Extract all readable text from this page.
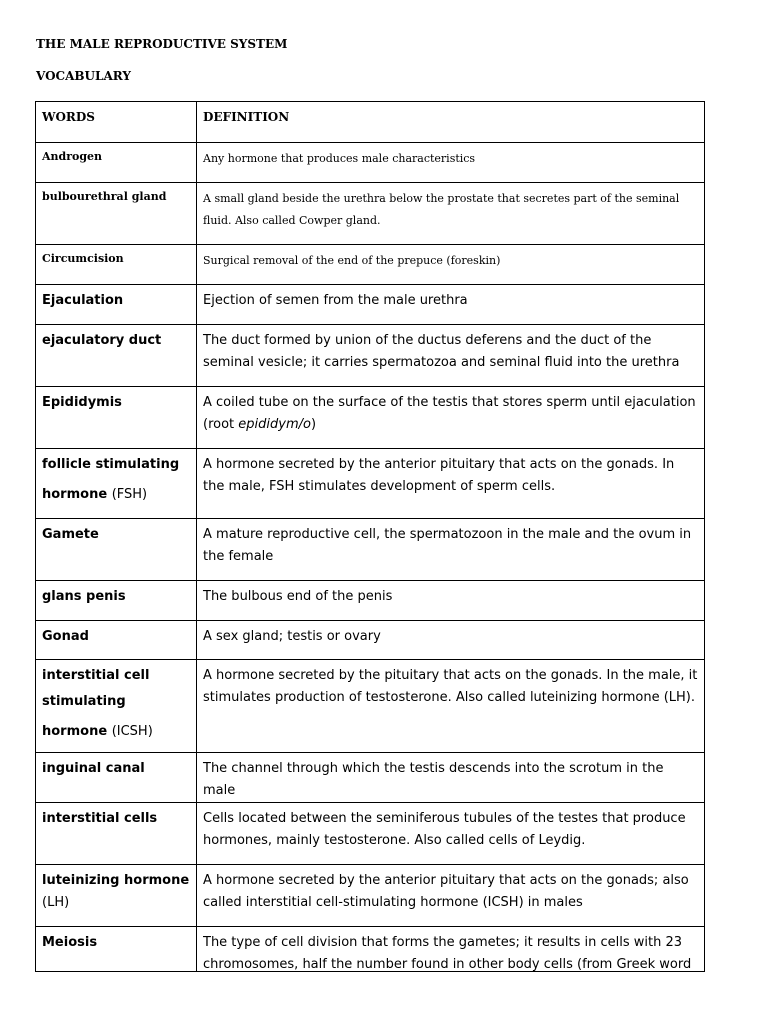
THE MALE REPRODUCTIVE SYSTEM
VOCABULARY
WORDS	DEFINITION

Androgen	Any hormone that produces male characteristics

bulbourethral gland	A small gland beside the urethra below the prostate that secretes part of the seminal fluid. Also called Cowper gland.

Circumcision	Surgical removal of the end of the prepuce (foreskin)

Ejaculation	Ejection of semen from the male urethra

ejaculatory duct	The duct formed by union of the ductus deferens and the duct of the seminal vesicle; it carries spermatozoa and seminal fluid into the urethra

Epididymis	A coiled tube on the surface of the testis that stores sperm until ejaculation (root epididym/o)

follicle stimulating
hormone (FSH)	A hormone secreted by the anterior pituitary that acts on the gonads. In the male, FSH stimulates development of sperm cells.

Gamete	A mature reproductive cell, the spermatozoon in the male and the ovum in the female

glans penis	The bulbous end of the penis

Gonad	A sex gland; testis or ovary

interstitial cell
stimulating
hormone (ICSH)	A hormone secreted by the pituitary that acts on the gonads. In the male, it stimulates production of testosterone. Also called luteinizing hormone (LH).

inguinal canal	The channel through which the testis descends into the scrotum in the male

interstitial cells	Cells located between the seminiferous tubules of the testes that produce hormones, mainly testosterone. Also called cells of Leydig.

luteinizing hormone
(LH)	A hormone secreted by the anterior pituitary that acts on the gonads; also called interstitial cell-stimulating hormone (ICSH) in males

Meiosis	The type of cell division that forms the gametes; it results in cells with 23 chromosomes, half the number found in other body cells (from Greek word
